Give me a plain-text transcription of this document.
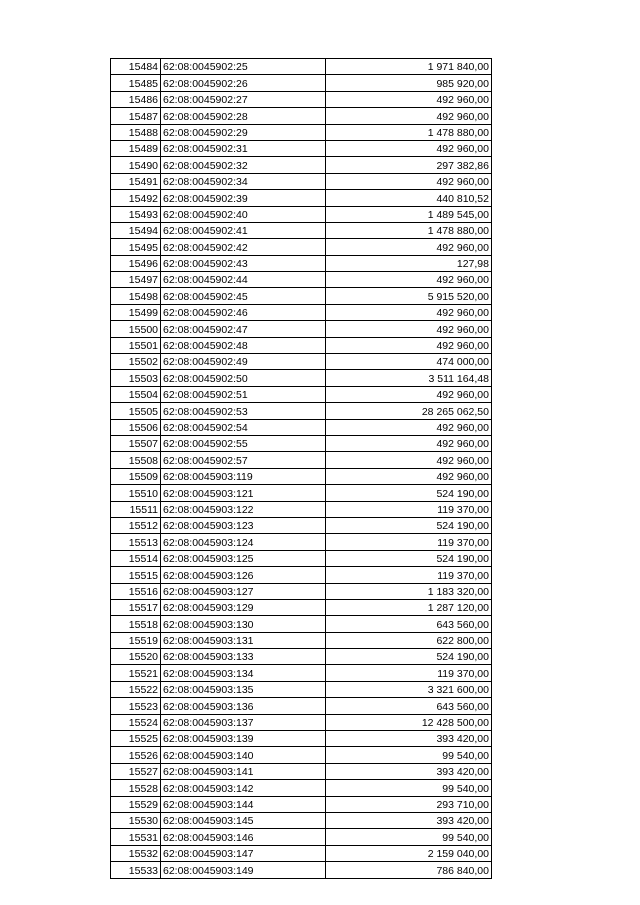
15484	62:08:0045902:25	1 971 840,00
15485	62:08:0045902:26	985 920,00
15486	62:08:0045902:27	492 960,00
15487	62:08:0045902:28	492 960,00
15488	62:08:0045902:29	1 478 880,00
15489	62:08:0045902:31	492 960,00
15490	62:08:0045902:32	297 382,86
15491	62:08:0045902:34	492 960,00
15492	62:08:0045902:39	440 810,52
15493	62:08:0045902:40	1 489 545,00
15494	62:08:0045902:41	1 478 880,00
15495	62:08:0045902:42	492 960,00
15496	62:08:0045902:43	127,98
15497	62:08:0045902:44	492 960,00
15498	62:08:0045902:45	5 915 520,00
15499	62:08:0045902:46	492 960,00
15500	62:08:0045902:47	492 960,00
15501	62:08:0045902:48	492 960,00
15502	62:08:0045902:49	474 000,00
15503	62:08:0045902:50	3 511 164,48
15504	62:08:0045902:51	492 960,00
15505	62:08:0045902:53	28 265 062,50
15506	62:08:0045902:54	492 960,00
15507	62:08:0045902:55	492 960,00
15508	62:08:0045902:57	492 960,00
15509	62:08:0045903:119	492 960,00
15510	62:08:0045903:121	524 190,00
15511	62:08:0045903:122	119 370,00
15512	62:08:0045903:123	524 190,00
15513	62:08:0045903:124	119 370,00
15514	62:08:0045903:125	524 190,00
15515	62:08:0045903:126	119 370,00
15516	62:08:0045903:127	1 183 320,00
15517	62:08:0045903:129	1 287 120,00
15518	62:08:0045903:130	643 560,00
15519	62:08:0045903:131	622 800,00
15520	62:08:0045903:133	524 190,00
15521	62:08:0045903:134	119 370,00
15522	62:08:0045903:135	3 321 600,00
15523	62:08:0045903:136	643 560,00
15524	62:08:0045903:137	12 428 500,00
15525	62:08:0045903:139	393 420,00
15526	62:08:0045903:140	99 540,00
15527	62:08:0045903:141	393 420,00
15528	62:08:0045903:142	99 540,00
15529	62:08:0045903:144	293 710,00
15530	62:08:0045903:145	393 420,00
15531	62:08:0045903:146	99 540,00
15532	62:08:0045903:147	2 159 040,00
15533	62:08:0045903:149	786 840,00
